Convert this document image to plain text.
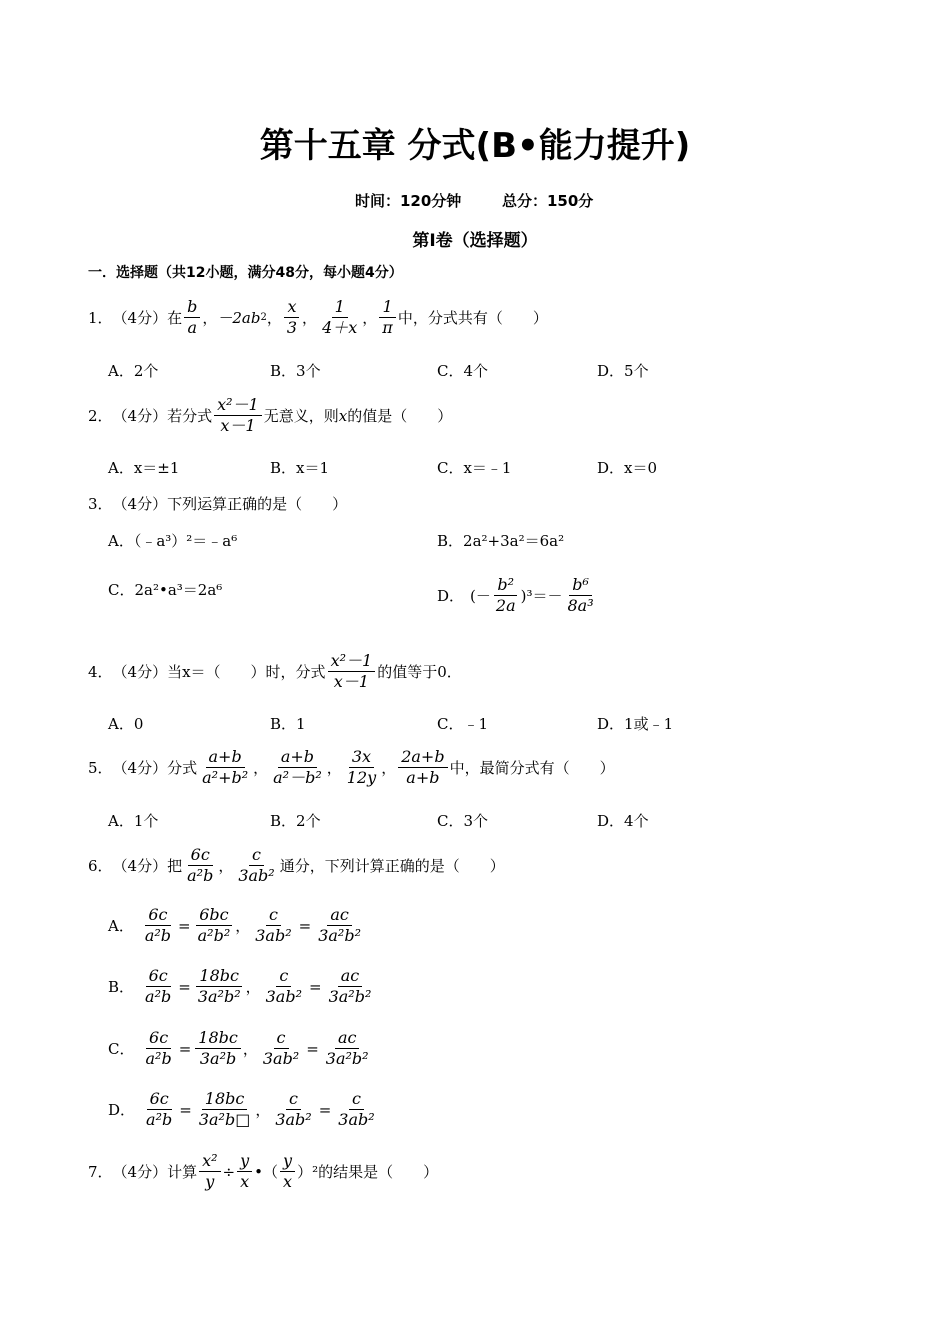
第十五章 分式(B•能力提升)
时间：120分钟	总分：150分
第Ⅰ卷（选择题）
一．选择题（共12小题，满分48分，每小题4分）
1． （4分） 在 $\frac{b}{a}$ ， －2ab 2 ， $\frac{x}{3}$ ， $\frac{1}{4+x}$ ， $\frac{1}{\pi}$ 中，分式共有（　　）
A．2个	B．3个	C．4个	D．5个
2． （4分） 若分式 $\frac{\text{x²－1}}{x-1}$ 无意义，则 x 的值是（　　）
A．x＝±1	B．x＝1	C．x＝﹣1	D．x＝0
3． （4分） 下列运算正确的是（　　）
A．（﹣a³）²＝﹣a⁶	B．2a²+3a²＝6a²
C．2a²•a³＝2a⁶	D． (－ $\frac{\text{b²}}{2a} )^3=- \frac{\text{b⁶}}{\text{8a³}}$
4． （4分） 当x＝（　　）时，分式 $\frac{\text{x²－1}}{x-1}$ 的值等于0．
A．0	B．1	C．﹣1	D．1或﹣1
5． （4分） 分式 $\frac{a+b}{\text{a²+b²}}$ ， $\frac{a+b}{\text{a²－b²}}$ ， $\frac{3x}{12y}$ ， $\frac{2a+b}{a+b}$ 中，最简分式有（　　）
A．1个	B．2个	C．3个	D．4个
6． （4分） 把 $\frac{6c}{\text{a²b}}$ ， $\frac{c}{\text{3ab²}}$ 通分，下列计算正确的是（　　）
A． $\frac{6c}{\text{a²b}} = \frac{6bc}{\text{a²b²}}$ ， $\frac{c}{\text{3ab²}} = \frac{ac}{\text{3a²b²}}$
B． $\frac{6c}{\text{a²b}} = \frac{18bc}{\text{3a²b²}}$ ， $\frac{c}{\text{3ab²}} = \frac{ac}{\text{3a²b²}}$
C． $\frac{6c}{\text{a²b}} = \frac{18bc}{\text{3a²b}}$ ， $\frac{c}{\text{3ab²}} = \frac{ac}{\text{3a²b²}}$
D． $\frac{6c}{\text{a²b}} = \frac{18bc}{\text{3a²b□}}$ ， $\frac{c}{\text{3ab²}} = \frac{c}{\text{3ab²}}$
7． （4分） 计算 $\frac{\text{x²}}{y} \div \frac{y}{x}$ •（ $\frac{y}{x} )^2$的结果是（　　）
